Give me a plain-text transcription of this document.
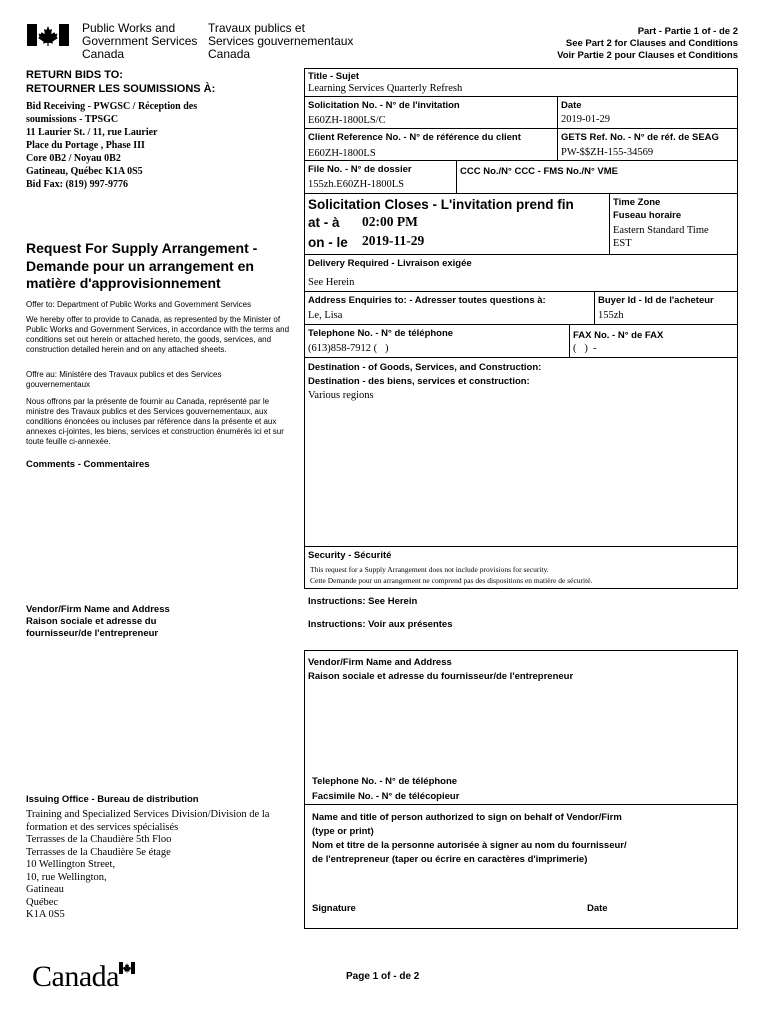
Public Works and
Government Services
Canada
Travaux publics et
Services gouvernementaux
Canada
Part - Partie 1 of - de 2
See Part 2 for Clauses and Conditions
Voir Partie 2 pour Clauses et Conditions
RETURN BIDS TO:
RETOURNER LES SOUMISSIONS À:
Bid Receiving - PWGSC / Réception des
soumissions - TPSGC
11 Laurier St. / 11, rue Laurier
Place du Portage , Phase III
Core 0B2 / Noyau 0B2
Gatineau, Québec K1A 0S5
Bid Fax: (819) 997-9776
Request For Supply Arrangement -
Demande pour un arrangement en
matière d'approvisionnement
Offer to: Department of Public Works and Government Services
We hereby offer to provide to Canada, as represented by the Minister of Public Works and Government Services, in accordance with the terms and conditions set out herein or attached hereto, the goods, services, and construction detailed herein and on any attached sheets.
Offre au: Ministère des Travaux publics et des Services gouvernementaux
Nous offrons par la présente de fournir au Canada, représenté par le ministre des Travaux publics et des Services gouvernementaux, aux conditions énoncées ou incluses par référence dans la présente et aux annexes ci-jointes, les biens, services et construction énumérés ici et sur toute feuille ci-annexée.
Comments - Commentaires
Vendor/Firm Name and Address
Raison sociale et adresse du
fournisseur/de l'entrepreneur
Issuing Office - Bureau de distribution
Training and Specialized Services Division/Division de la
formation et des services spécialisés
Terrasses de la Chaudière 5th Floo
Terrasses de la Chaudière 5e étage
10 Wellington Street,
10, rue Wellington,
Gatineau
Québec
K1A 0S5
Title - Sujet
Learning Services Quarterly Refresh
Solicitation No. - N° de l'invitation
E60ZH-1800LS/C
Date
2019-01-29
Client Reference No. - N° de référence du client
E60ZH-1800LS
GETS Ref. No. - N° de réf. de SEAG
PW-$$ZH-155-34569
File No. - N° de dossier
155zh.E60ZH-1800LS
CCC No./N° CCC - FMS No./N° VME
Solicitation Closes - L'invitation prend fin
at - à 02:00 PM
on - le 2019-11-29
Time Zone
Fuseau horaire
Eastern Standard Time
EST
Delivery Required - Livraison exigée
See Herein
Address Enquiries to: - Adresser toutes questions à:
Le, Lisa
Buyer Id - Id de l'acheteur
155zh
Telephone No. - N° de téléphone
(613)858-7912 (   )
FAX No. - N° de FAX
(   )  -
Destination - of Goods, Services, and Construction:
Destination - des biens, services et construction:
Various regions
Security - Sécurité
This request for a Supply Arrangement does not include provisions for security.
Cette Demande pour un arrangement ne comprend pas des dispositions en matière de sécurité.
Instructions: See Herein
Instructions: Voir aux présentes
Vendor/Firm Name and Address
Raison sociale et adresse du fournisseur/de l'entrepreneur
Telephone No. - N° de téléphone
Facsimile No. - N° de télécopieur
Name and title of person authorized to sign on behalf of Vendor/Firm
(type or print)
Nom et titre de la personne autorisée à signer au nom du fournisseur/
de l'entrepreneur (taper ou écrire en caractères d'imprimerie)
Signature	Date
Canada	Page 1 of - de 2
